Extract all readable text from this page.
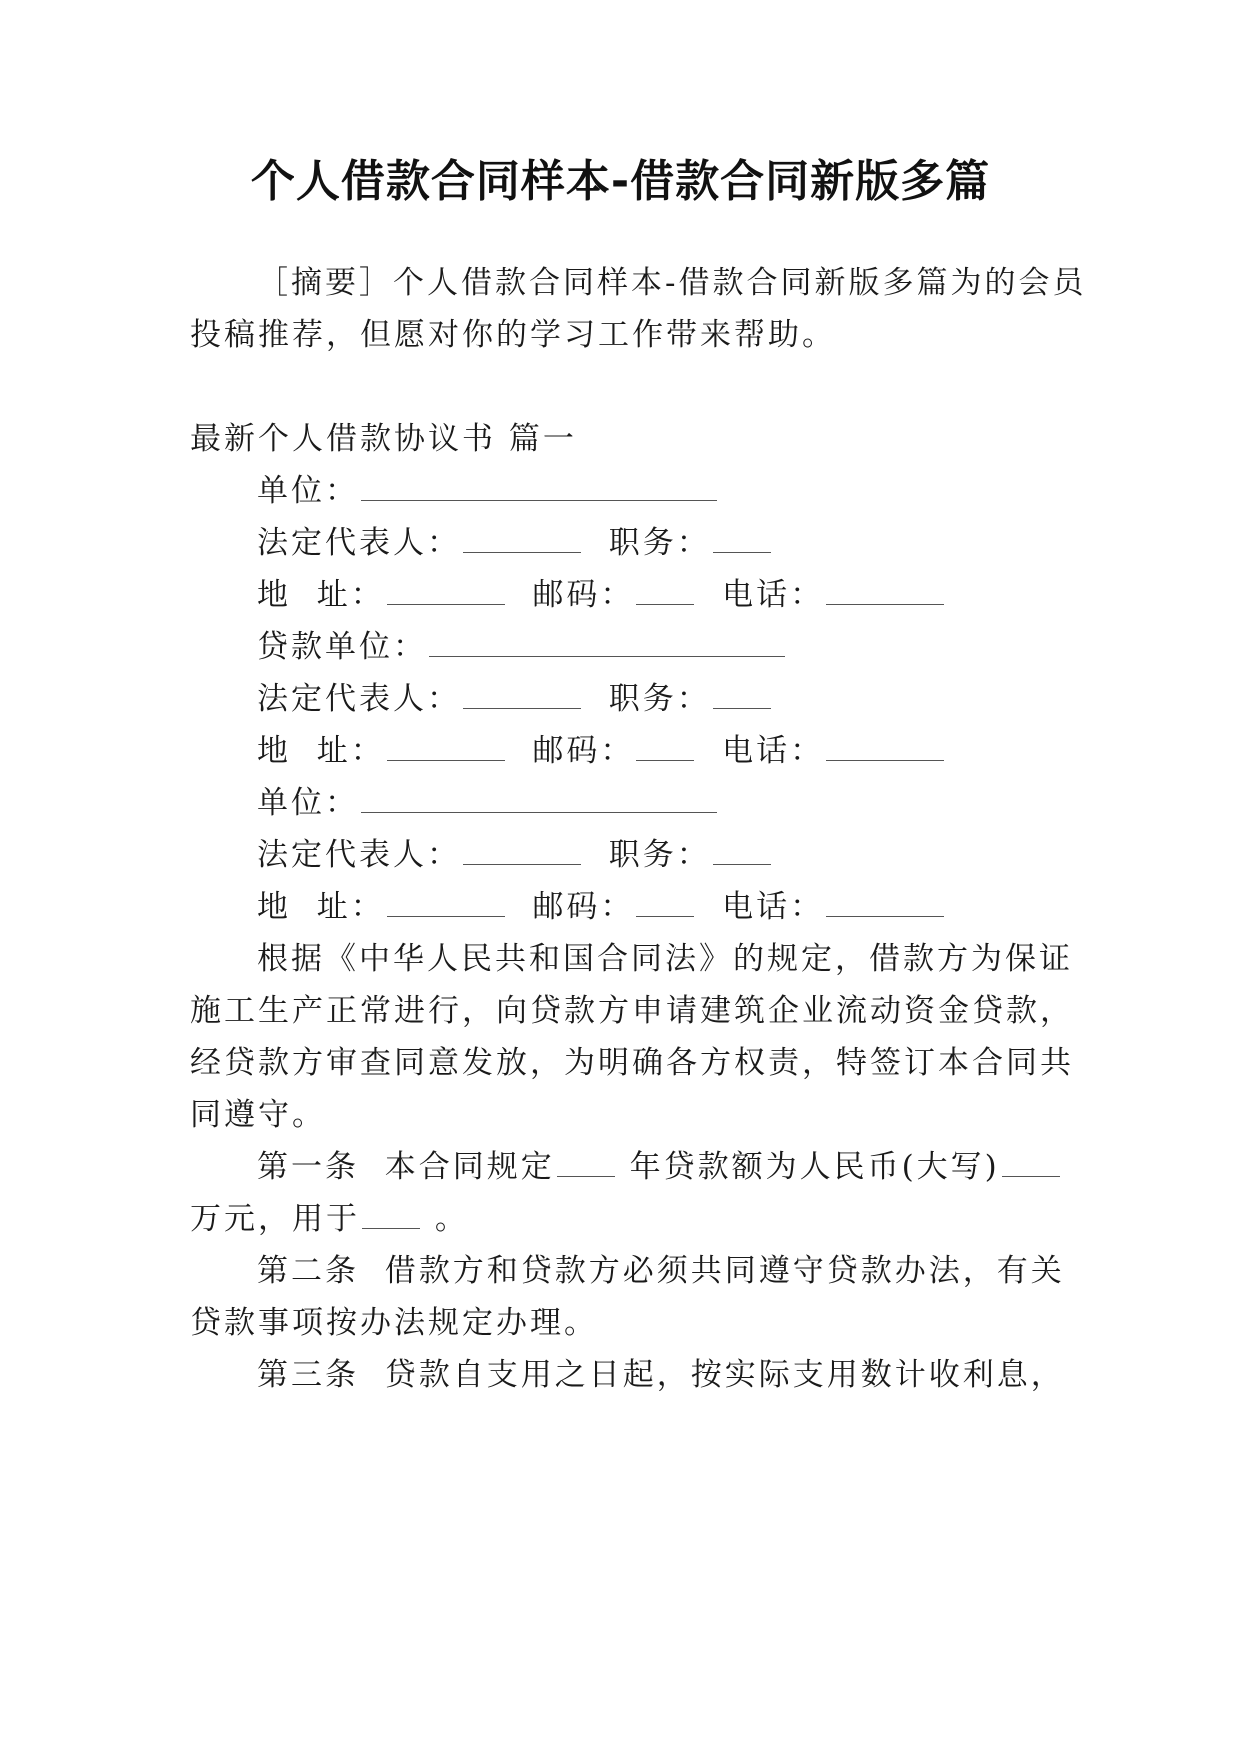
个人借款合同样本-借款合同新版多篇
［摘要］个人借款合同样本-借款合同新版多篇为的会员
投稿推荐，但愿对你的学习工作带来帮助。
最新个人借款协议书 篇一
单位：
法定代表人：	职务：
地  址：	邮码：	电话：
贷款单位：
法定代表人：	职务：
地  址：	邮码：	电话：
单位：
法定代表人：	职务：
地  址：	邮码：	电话：
根据《中华人民共和国合同法》的规定，借款方为保证
施工生产正常进行，向贷款方申请建筑企业流动资金贷款，
经贷款方审查同意发放，为明确各方权责，特签订本合同共
同遵守。
第一条  本合同规定 年贷款额为人民币(大写)
万元，用于 。
第二条  借款方和贷款方必须共同遵守贷款办法，有关
贷款事项按办法规定办理。
第三条  贷款自支用之日起，按实际支用数计收利息，
